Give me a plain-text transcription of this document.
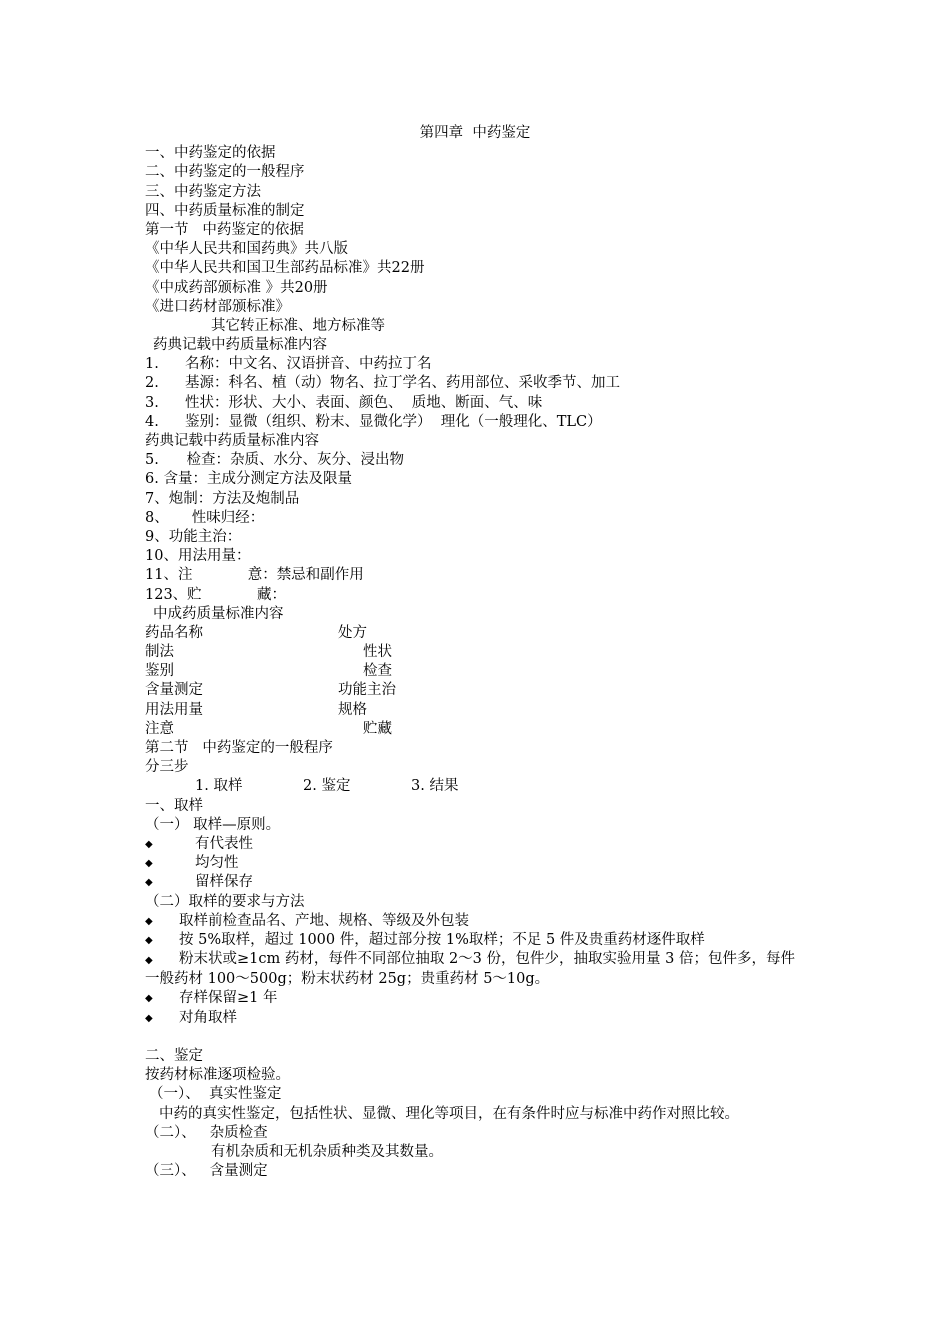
第四章  中药鉴定
一、中药鉴定的依据
二、中药鉴定的一般程序
三、中药鉴定方法
四、中药质量标准的制定
第一节   中药鉴定的依据
《中华人民共和国药典》共八版
《中华人民共和国卫生部药品标准》共22册
《中成药部颁标准 》共20册
《进口药材部颁标准》
其它转正标准、地方标准等
药典记载中药质量标准内容
1.	名称：中文名、汉语拼音、中药拉丁名
2.	基源：科名、植（动）物名、拉丁学名、药用部位、采收季节、加工
3.	性状：形状、大小、表面、颜色、  质地、断面、气、味
4.	鉴别：显微（组织、粉末、显微化学）  理化（一般理化、TLC）
药典记载中药质量标准内容
5.      检查：杂质、水分、灰分、浸出物
6. 含量：主成分测定方法及限量
7、炮制：方法及炮制品
8、     性味归经：
9、功能主治：
10、用法用量：
11、注            意：禁忌和副作用
123、贮            藏：
中成药质量标准内容
药品名称	处方
制法	性状
鉴别	检查
含量测定	功能主治
用法用量	规格
注意	贮藏
第二节   中药鉴定的一般程序
分三步
1. 取样	2. 鉴定	3. 结果
一、取样
（一） 取样—原则。
◆	有代表性
◆	均匀性
◆	留样保存
（二）取样的要求与方法
◆	取样前检查品名、产地、规格、等级及外包装
◆	按 5%取样，超过 1000 件，超过部分按 1%取样；不足 5 件及贵重药材逐件取样
◆ 粉末状或≥1cm 药材，每件不同部位抽取 2～3 份，包件少，抽取实验用量 3 倍；包件多，每件一般药材 100～500g；粉末状药材 25g；贵重药材 5～10g。
◆	存样保留≥1 年
◆	对角取样
二、鉴定
按药材标准逐项检验。
（一）、  真实性鉴定
中药的真实性鉴定，包括性状、显微、理化等项目，在有条件时应与标准中药作对照比较。
（二）、   杂质检查
有机杂质和无机杂质种类及其数量。
（三）、   含量测定
